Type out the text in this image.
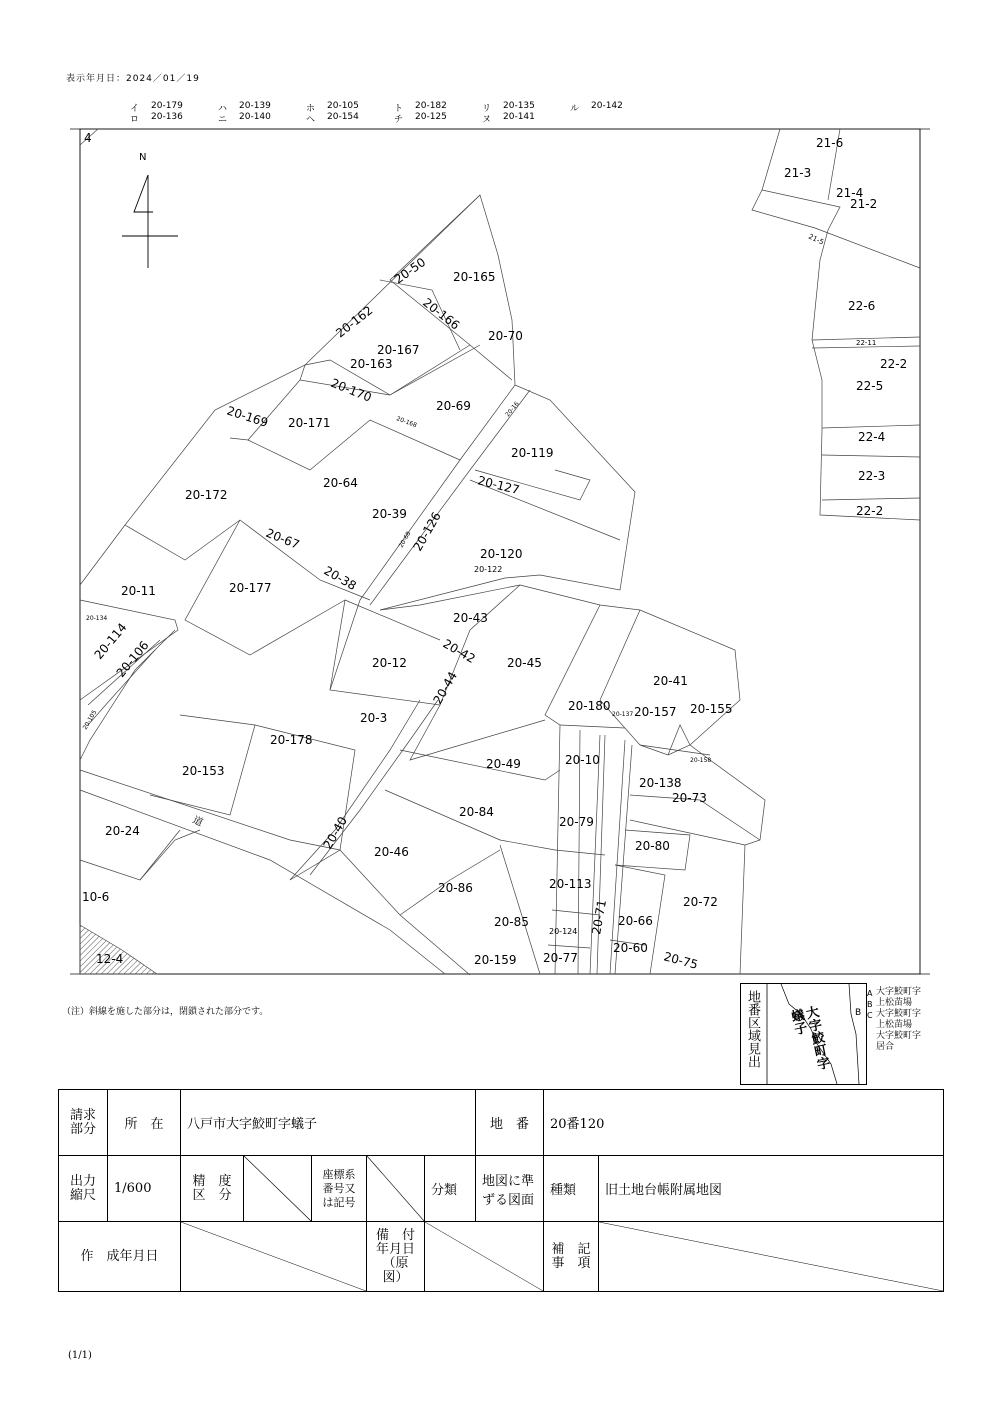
表示年月日：2024／01／19
イ 20-179	ハ 20-139	ホ 20-105	ト 20-182	リ 20-135	ル 20-142
ロ 20-136	ニ 20-140	ヘ 20-154	チ 20-125	ヌ 20-141
N
道
4	21-6
21-3
21-4
21-2
21-5
22-6
22-11
22-2
22-5
22-4
22-3
22-2
20-50 20-165
20-162	20-166
20-70
20-167
20-163
20-170
20-69
20-169 20-171	20-168
20-16
20-119
20-127
20-172
20-64
20-39 20-126
20-68
20-120
20-122
20-67
20-177
20-11	20-38
20-43
20-134
20-114
20-106	20-12	20-42 20-45
20-41
20-44	20-180
20-137 20-157 20-155
20-105
20-178
20-3
20-158
20-10
20-49
20-153
20-138
20-73
20-84
20-79
20-24	20-40
20-46	20-80
20-86	20-113
10-6
20-71 20-66
20-72
20-85
20-124
20-60
12-4	20-159 20-77	20-75
（注）斜線を施した部分は，閉鎖された部分です。	地番区域見出	大字鮫町字蟻子	B
A
B
C
大字鮫町字
上松苗場
大字鮫町字
上松苗場
大字鮫町字
居合
請求部分	所　在	八戸市大字鮫町字蟻子					地　番	20番120	
出力縮尺	1/600	精　度区　分		座標系番号又は記号		分類	地図に準ずる図面	種類	旧土地台帳附属地図
作　成年月日					備　付年月日（原図）			補　記事　項	
(1/1)
